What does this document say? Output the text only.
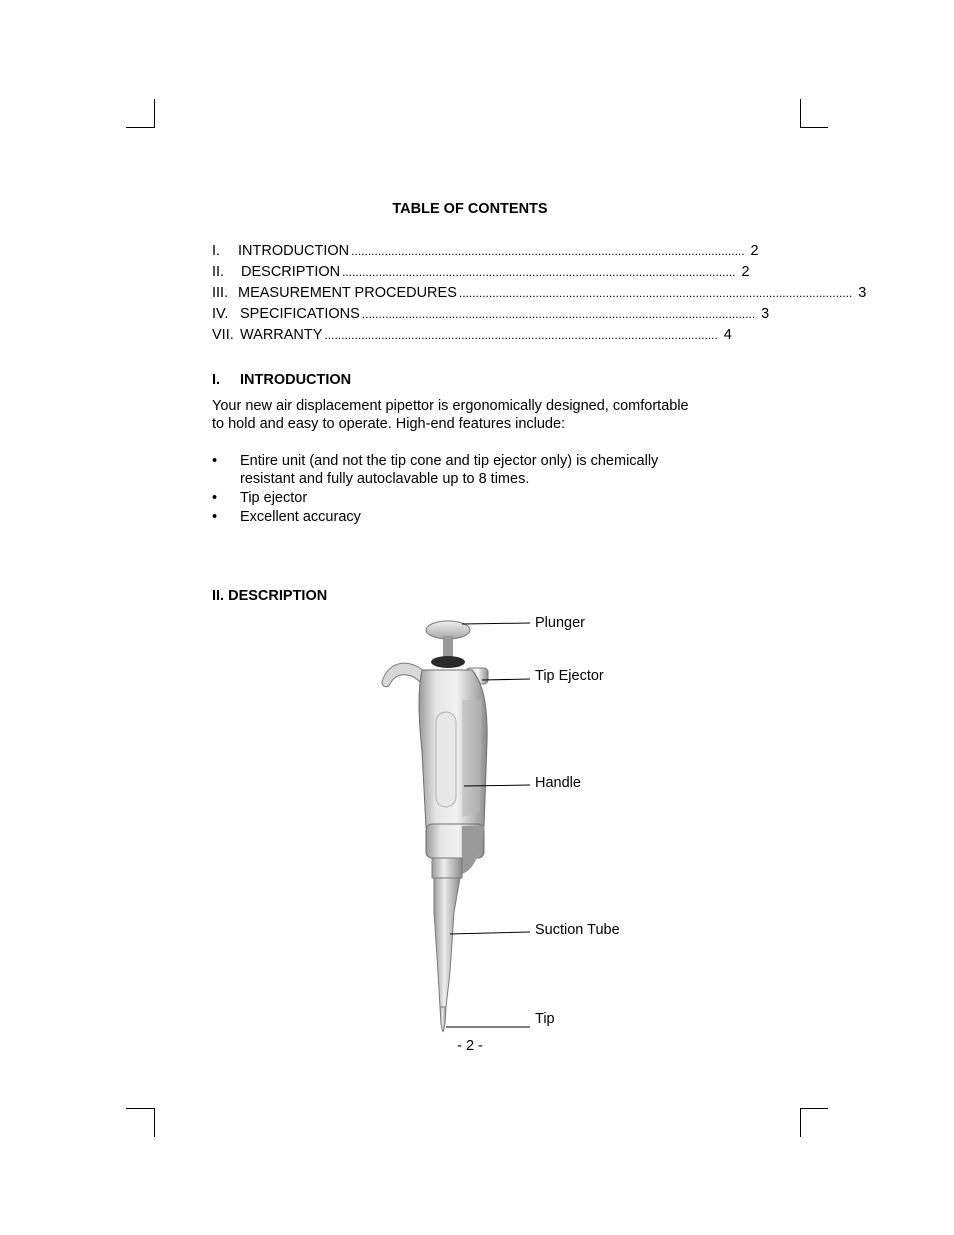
TABLE OF CONTENTS
I.	INTRODUCTION ...................................................................................................................... 2
II.	DESCRIPTION ...................................................................................................................... 2
III. MEASUREMENT PROCEDURES ...................................................................................................................... 3
IV. SPECIFICATIONS ...................................................................................................................... 3
VII. WARRANTY ...................................................................................................................... 4
I. INTRODUCTION
Your new air displacement pipettor is ergonomically designed, comfortable
to hold and easy to operate. High-end features include:
• Entire unit (and not the tip cone and tip ejector only) is chemically
resistant and fully autoclavable up to 8 times.
• Tip ejector
• Excellent accuracy
II. DESCRIPTION
Plunger
Tip Ejector
Handle
Suction Tube
Tip
- 2 -
